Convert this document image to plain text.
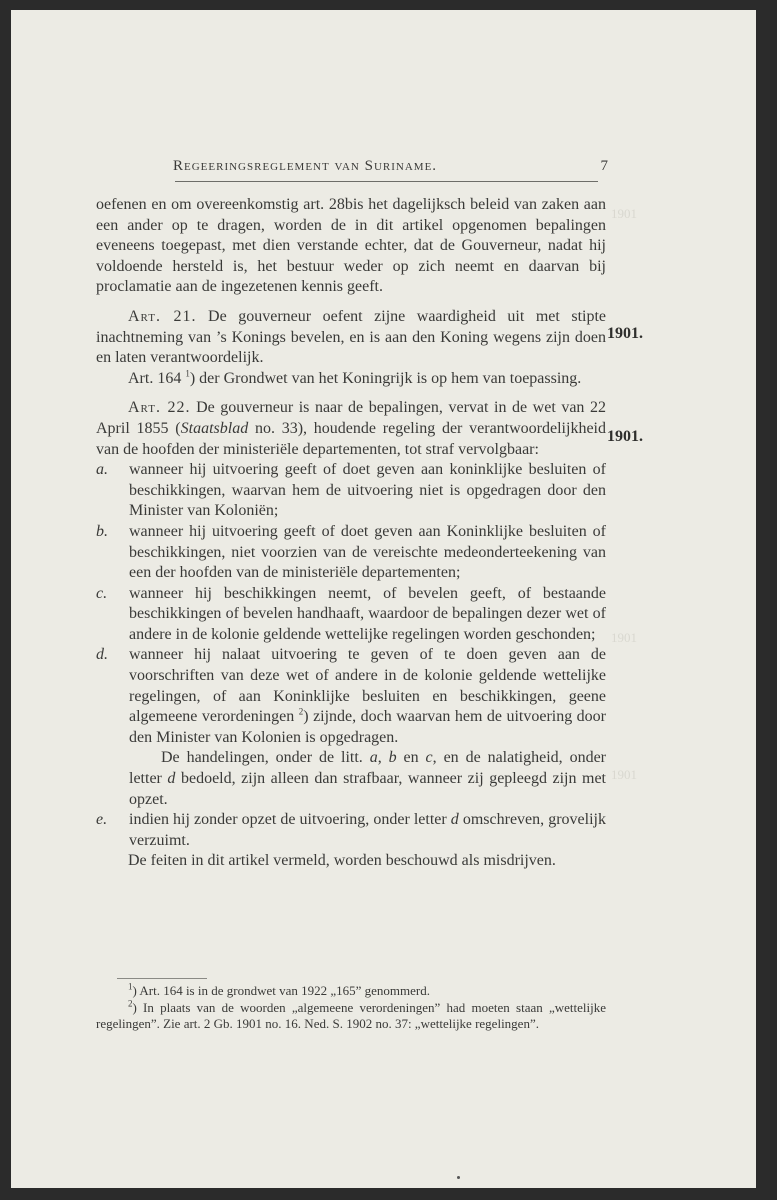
Regeeringsreglement van Suriname.	7
1901
1901
1901
1901.
1901.

oefenen en om overeenkomstig art. 28bis het dagelijksch beleid van zaken aan een ander op te dragen, worden de in dit artikel opgenomen bepalingen eveneens toegepast, met dien verstande echter, dat de Gouverneur, nadat hij voldoende hersteld is, het bestuur weder op zich neemt en daarvan bij proclamatie aan de ingezetenen kennis geeft.

Art. 21. De gouverneur oefent zijne waardigheid uit met stipte inachtneming van ’s Konings bevelen, en is aan den Koning wegens zijn doen en laten verantwoordelijk.

Art. 164 $^1$) der Grondwet van het Koningrijk is op hem van toepassing.

Art. 22. De gouverneur is naar de bepalingen, vervat in de wet van 22 April 1855 (Staatsblad no. 33), houdende regeling der verantwoordelijkheid van de hoofden der ministeriële departementen, tot straf vervolgbaar:

a.	wanneer hij uitvoering geeft of doet geven aan koninklijke besluiten of beschikkingen, waarvan hem de uitvoering niet is opgedragen door den Minister van Koloniën;
b.	wanneer hij uitvoering geeft of doet geven aan Koninklijke besluiten of beschikkingen, niet voorzien van de vereischte medeonderteekening van een der hoofden van de ministeriële departementen;
c.	wanneer hij beschikkingen neemt, of bevelen geeft, of bestaande beschikkingen of bevelen handhaaft, waardoor de bepalingen dezer wet of andere in de kolonie geldende wettelijke regelingen worden geschonden;
d.	wanneer hij nalaat uitvoering te geven of te doen geven aan de voorschriften van deze wet of andere in de kolonie geldende wettelijke regelingen, of aan Koninklijke besluiten en beschikkingen, geene algemeene verordeningen $^2$) zijnde, doch waarvan hem de uitvoering door den Minister van Kolonien is opgedragen.

De handelingen, onder de litt. a, b en c, en de nalatigheid, onder letter d bedoeld, zijn alleen dan strafbaar, wanneer zij gepleegd zijn met opzet.

e.	indien hij zonder opzet de uitvoering, onder letter d omschreven, grovelijk verzuimt.

De feiten in dit artikel vermeld, worden beschouwd als misdrijven.

$^1$) Art. 164 is in de grondwet van 1922 „165” genommerd.

$^2$) In plaats van de woorden „algemeene verordeningen” had moeten staan „wettelijke regelingen”. Zie art. 2 Gb. 1901 no. 16. Ned. S. 1902 no. 37: „wettelijke regelingen”.
